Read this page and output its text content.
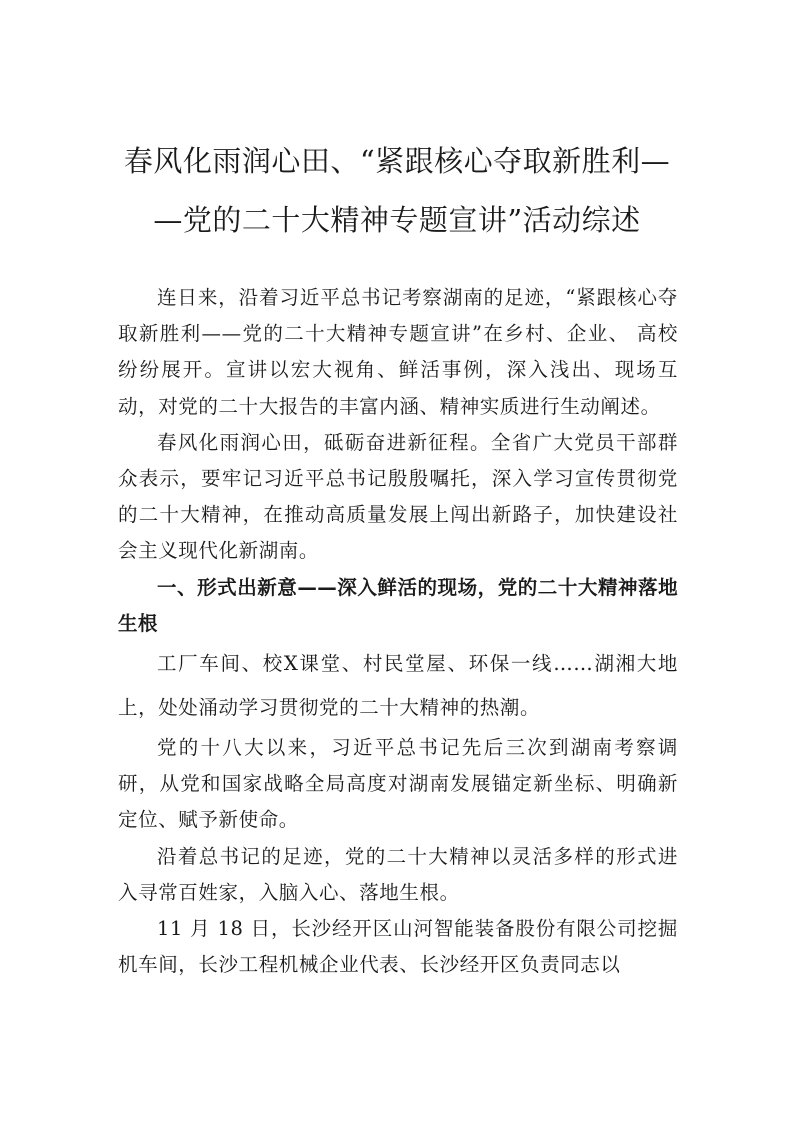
春风化雨润心田、“紧跟核心夺取新胜利—
—党的二十大精神专题宣讲”活动综述

连日来，沿着习近平总书记考察湖南的足迹，“紧跟核心夺取新胜利——党的二十大精神专题宣讲”在乡村、企业、 高校纷纷展开。宣讲以宏大视角、鲜活事例，深入浅出、现场互动，对党的二十大报告的丰富内涵、精神实质进行生动阐述。

春风化雨润心田，砥砺奋进新征程。全省广大党员干部群众表示，要牢记习近平总书记殷殷嘱托，深入学习宣传贯彻党的二十大精神，在推动高质量发展上闯出新路子，加快建设社会主义现代化新湖南。

一、形式出新意——深入鲜活的现场，党的二十大精神落地生根

工厂车间、校X课堂、村民堂屋、环保一线……湖湘大地上，处处涌动学习贯彻党的二十大精神的热潮。

党的十八大以来，习近平总书记先后三次到湖南考察调研，从党和国家战略全局高度对湖南发展锚定新坐标、明确新定位、赋予新使命。

沿着总书记的足迹，党的二十大精神以灵活多样的形式进入寻常百姓家，入脑入心、落地生根。

11 月 18 日，长沙经开区山河智能装备股份有限公司挖掘机车间，长沙工程机械企业代表、长沙经开区负责同志以
